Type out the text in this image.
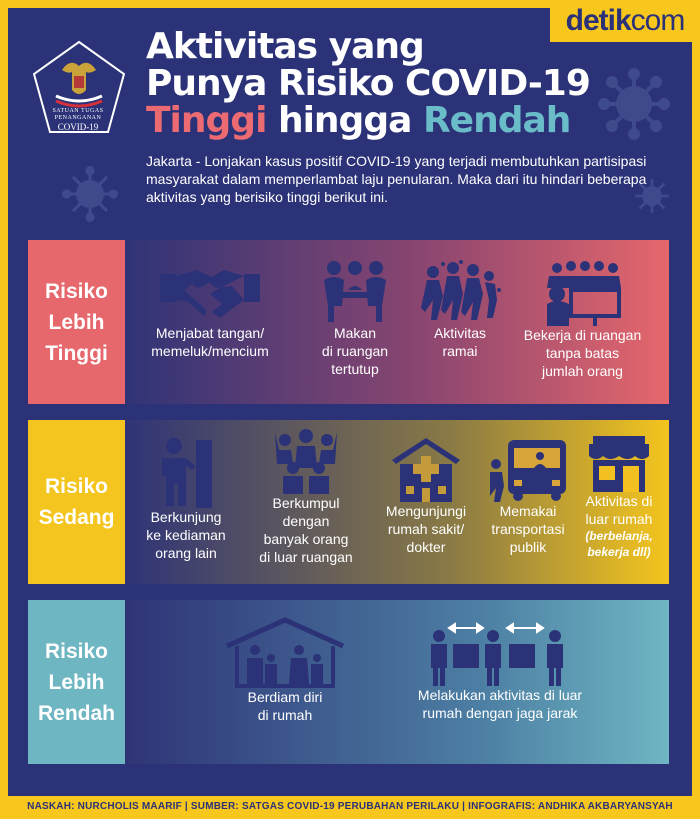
detikcom
SATUAN TUGAS
PENANGANAN
COVID-19
Aktivitas yang
Punya Risiko COVID-19
Tinggi hingga Rendah
Jakarta - Lonjakan kasus positif COVID-19 yang terjadi membutuhkan partisipasi masyarakat dalam memperlambat laju penularan. Maka dari itu hindari beberapa aktivitas yang berisiko tinggi berikut ini.
Risiko
Lebih
Tinggi
Menjabat tangan/
memeluk/mencium
Makan
di ruangan
tertutup
Aktivitas
ramai
Bekerja di ruangan
tanpa batas
jumlah orang
Risiko
Sedang	Berkunjung
ke kediaman
orang lain
Berkumpul
dengan
banyak orang
di luar ruangan
Mengunjungi
rumah sakit/
dokter
Memakai
transportasi
publik
Aktivitas di
luar rumah
(berbelanja,
bekerja dll)
Risiko
Lebih
Rendah
Berdiam diri
di rumah
Melakukan aktivitas di luar
rumah dengan jaga jarak
NASKAH: NURCHOLIS MAARIF | SUMBER: SATGAS COVID-19 PERUBAHAN PERILAKU | INFOGRAFIS: ANDHIKA AKBARYANSYAH
